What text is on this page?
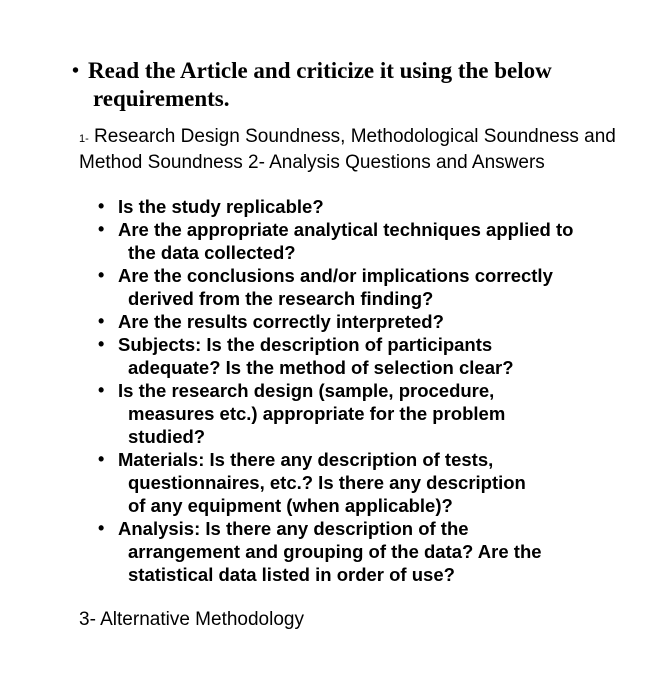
• Read the Article and criticize it using the below
requirements.
1- Research Design Soundness, Methodological Soundness and Method Soundness 2- Analysis Questions and Answers
• Is the study replicable?
• Are the appropriate analytical techniques applied to
the data collected?
• Are the conclusions and/or implications correctly
derived from the research finding?
• Are the results correctly interpreted?
• Subjects: Is the description of participants
adequate? Is the method of selection clear?
• Is the research design (sample, procedure,
measures etc.) appropriate for the problem
studied?
• Materials: Is there any description of tests,
questionnaires, etc.? Is there any description
of any equipment (when applicable)?
• Analysis: Is there any description of the
arrangement and grouping of the data? Are the
statistical data listed in order of use?
3- Alternative Methodology
